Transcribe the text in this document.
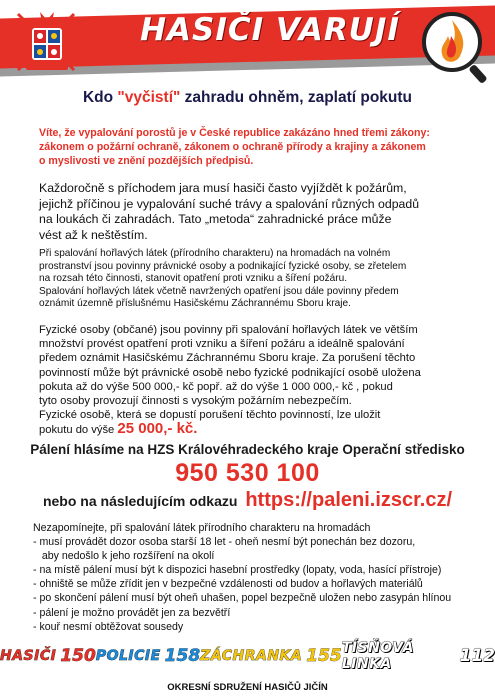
HASIČI VARUJÍ
Kdo "vyčistí" zahradu ohněm, zaplatí pokutu
Víte, že vypalování porostů je v České republice zakázáno hned třemi zákony:
zákonem o požární ochraně, zákonem o ochraně přírody a krajiny a zákonem
o myslivosti ve znění pozdějších předpisů.
Každoročně s příchodem jara musí hasiči často vyjíždět k požárům,
jejichž příčinou je vypalování suché trávy a spalování různých odpadů
na loukách či zahradách. Tato „metoda“ zahradnické práce může
vést až k neštěstím.
Při spalování hořlavých látek (přírodního charakteru) na hromadách na volném
prostranství jsou povinny právnické osoby a podnikající fyzické osoby, se zřetelem
na rozsah této činnosti, stanovit opatření proti vzniku a šíření požáru.
Spalování hořlavých látek včetně navržených opatření jsou dále povinny předem
oznámit územně příslušnému Hasičskému Záchrannému Sboru kraje.
Fyzické osoby (občané) jsou povinny při spalování hořlavých látek ve větším
množství provést opatření proti vzniku a šíření požáru a ideálně spalování
předem oznámit Hasičskému Záchrannému Sboru kraje. Za porušení těchto
povinností může být právnické osobě nebo fyzické podnikající osobě uložena
pokuta až do výše 500 000,- kč popř. až do výše 1 000 000,- kč , pokud
tyto osoby provozují činnosti s vysokým požárním nebezpečím.
Fyzické osobě, která se dopustí porušení těchto povinností, lze uložit
pokutu do výše 25 000,- kč.
Pálení hlásíme na HZS Královéhradeckého kraje Operační středisko
950 530 100
nebo na následujícím odkazu https://paleni.izscr.cz/
Nezapomínejte, při spalování látek přírodního charakteru na hromadách
- musí provádět dozor osoba starší 18 let - oheň nesmí být ponechán bez dozoru,
aby nedošlo k jeho rozšíření na okolí
- na místě pálení musí být k dispozici hasební prostředky (lopaty, voda, hasící přístroje)
- ohniště se může zřídit jen v bezpečné vzdálenosti od budov a hořlavých materiálů
- po skončení pálení musí být oheň uhašen, popel bezpečně uložen nebo zasypán hlínou
- pálení je možno provádět jen za bezvětří
- kouř nesmí obtěžovat sousedy
HASIČI 150 POLICIE 158 ZÁCHRANKA 155 TÍSŇOVÁ LINKA	112
OKRESNÍ SDRUŽENÍ HASIČŮ JIČÍN
